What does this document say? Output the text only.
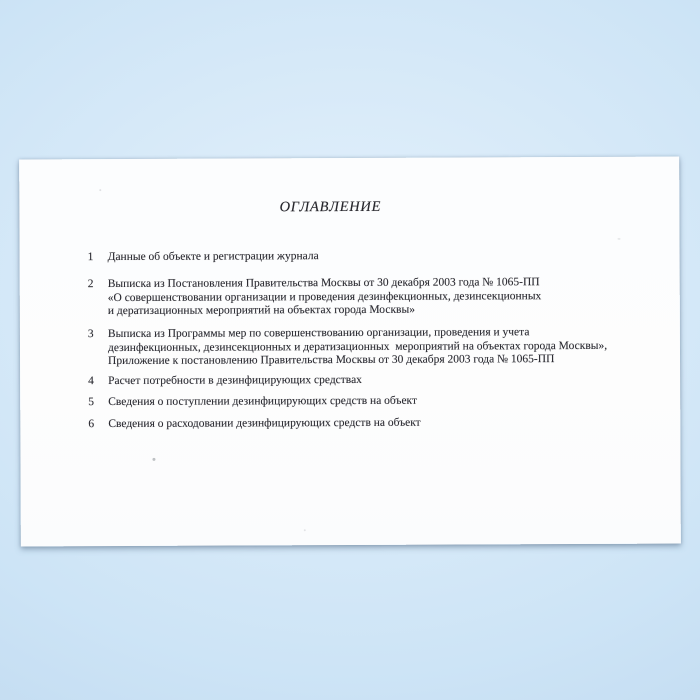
ОГЛАВЛЕНИЕ
1	Данные об объекте и регистрации журнала
2	Выписка из Постановления Правительства Москвы от 30 декабря 2003 года № 1065-ПП
«О совершенствовании организации и проведения дезинфекционных, дезинсекционных
и дератизационных мероприятий на объектах города Москвы»
3	Выписка из Программы мер по совершенствованию организации, проведения и учета
дезинфекционных, дезинсекционных и дератизационных  мероприятий на объектах города Москвы»,
Приложение к постановлению Правительства Москвы от 30 декабря 2003 года № 1065-ПП
4	Расчет потребности в дезинфицирующих средствах
5	Сведения о поступлении дезинфицирующих средств на объект
6	Сведения о расходовании дезинфицирующих средств на объект
